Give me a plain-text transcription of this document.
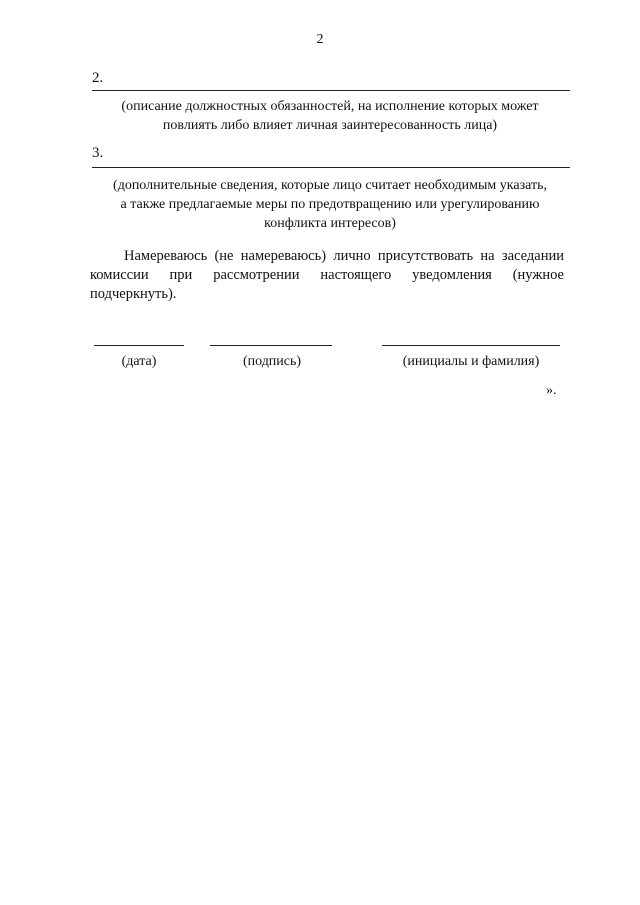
2
2.
(описание должностных обязанностей, на исполнение которых может
повлиять либо влияет личная заинтересованность лица)
3.
(дополнительные сведения, которые лицо считает необходимым указать,
а также предлагаемые меры по предотвращению или урегулированию
конфликта интересов)
Намереваюсь (не намереваюсь) лично присутствовать на заседании комиссии при рассмотрении настоящего уведомления (нужное подчеркнуть).
(дата)	(подпись)	(инициалы и фамилия)
».
